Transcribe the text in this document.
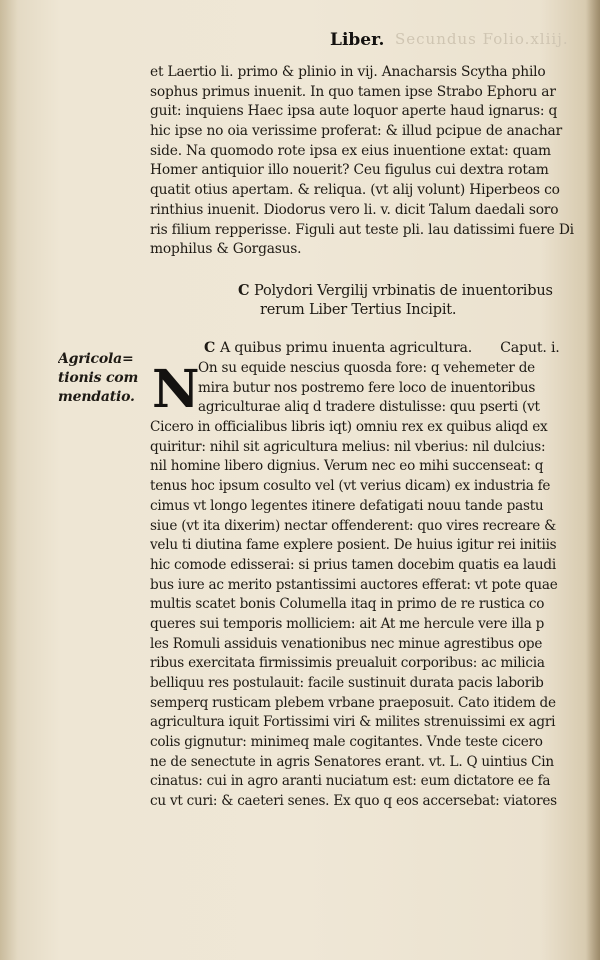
Secundus Folio.xliij.
Liber.
et Laertio li. primo & plinio in vij. Anacharsis Scytha philo
sophus primus inuenit. In quo tamen ipse Strabo Ephoru ar
guit: inquiens Haec ipsa aute loquor aperte haud ignarus: q
hic ipse no oia verissime proferat: & illud pcipue de anachar
side. Na quomodo rote ipsa ex eius inuentione extat: quam
Homer antiquior illo nouerit? Ceu figulus cui dextra rotam
quatit otius apertam. & reliqua. (vt alij volunt) Hiperbeos co
rinthius inuenit. Diodorus vero li. v. dicit Talum daedali soro
ris filium repperisse. Figuli aut teste pli. lau datissimi fuere Di
mophilus & Gorgasus.
C Polydori Vergilij vrbinatis de inuentoribus
rerum Liber Tertius Incipit.
Agricola=
tionis com
mendatio.
C A quibus primu inuenta agricultura. Caput. i.
N
On su equide nescius quosda fore: q vehemeter de
mira butur nos postremo fere loco de inuentoribus
agriculturae aliq d tradere distulisse: quu pserti (vt
Cicero in officialibus libris iqt) omniu rex ex quibus aliqd ex
quiritur: nihil sit agricultura melius: nil vberius: nil dulcius:
nil homine libero dignius. Verum nec eo mihi succenseat: q
tenus hoc ipsum cosulto vel (vt verius dicam) ex industria fe
cimus vt longo legentes itinere defatigati nouu tande pastu
siue (vt ita dixerim) nectar offenderent: quo vires recreare &
velu ti diutina fame explere posient. De huius igitur rei initiis
hic comode edisserai: si prius tamen docebim quatis ea laudi
bus iure ac merito pstantissimi auctores efferat: vt pote quae
multis scatet bonis Columella itaq in primo de re rustica co
queres sui temporis molliciem: ait At me hercule vere illa p
les Romuli assiduis venationibus nec minue agrestibus ope
ribus exercitata firmissimis preualuit corporibus: ac milicia
belliquu res postulauit: facile sustinuit durata pacis laborib
semperq rusticam plebem vrbane praeposuit. Cato itidem de
agricultura iquit Fortissimi viri & milites strenuissimi ex agri
colis gignutur: minimeq male cogitantes. Vnde teste cicero
ne de senectute in agris Senatores erant. vt. L. Q uintius Cin
cinatus: cui in agro aranti nuciatum est: eum dictatore ee fa
cu vt curi: & caeteri senes. Ex quo q eos accersebat: viatores
